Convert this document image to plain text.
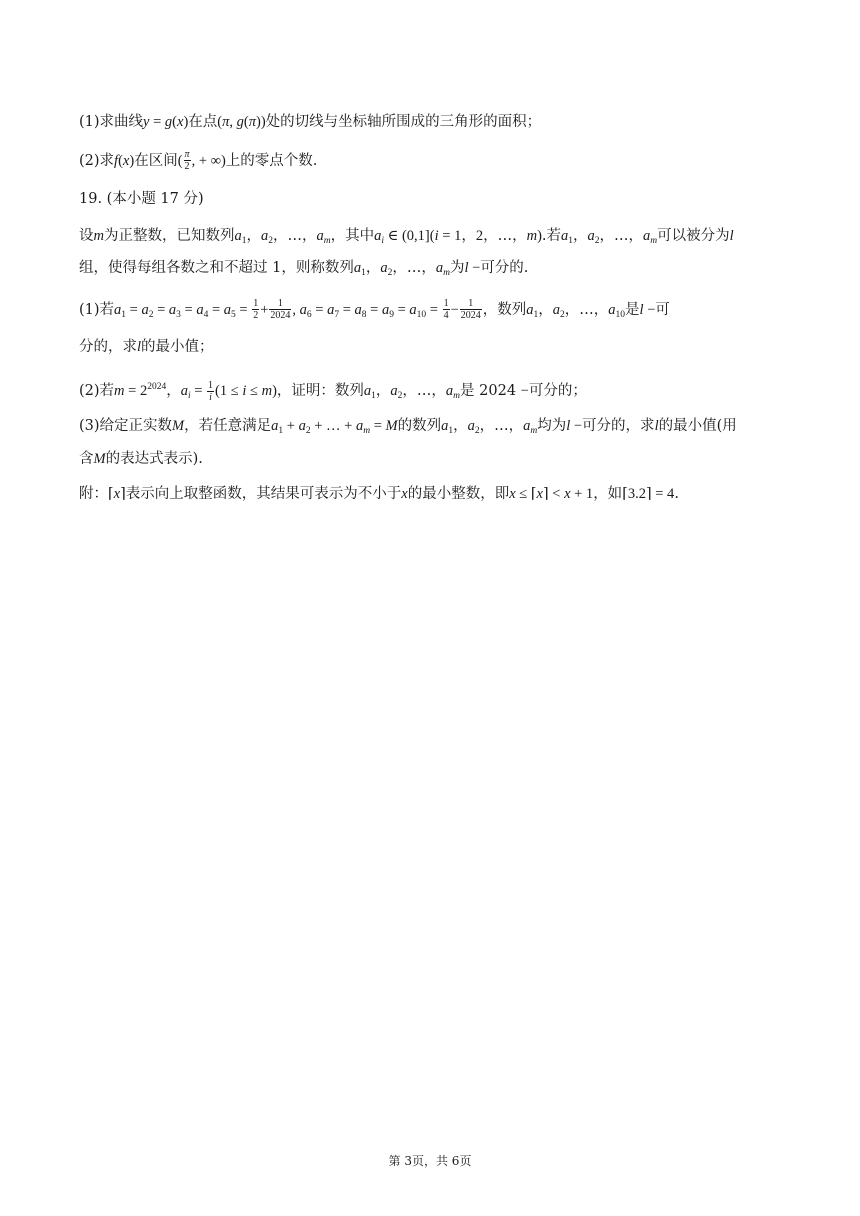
(1)求曲线y = g(x)在点(π, g(π))处的切线与坐标轴所围成的三角形的面积；
(2)求f(x)在区间( $\frac{\pi}{2}$ , + ∞)上的零点个数.
19. (本小题 17 分)
设m为正整数，已知数列$a_1$，$a_2$，…，$a_m$，其中$a_i$ ∈ (0,1](i = 1，2，…，m).若$a_1$，$a_2$，…，$a_m$可以被分为l
组，使得每组各数之和不超过 1，则称数列$a_1$，$a_2$，…，$a_m$为l −可分的.
(1)若$a_1 = a_2 = a_3 = a_4 = a_5 = \frac{1}{2} + \frac{1}{2024}$ , $a_6 = a_7 = a_8 = a_9 = a_{10} = \frac{1}{4} - \frac{1}{2024}$ ，数列$a_1$，$a_2$，…，$a_{10}$是l −可
分的，求l的最小值；
(2)若$m = 2^{2024}$，$a_i = \frac{1}{i} (1 \le i \le m)$，证明：数列$a_1$，$a_2$，…，$a_m$是 2024 −可分的；
(3)给定正实数M，若任意满足$a_1 + a_2$ + … + $a_m = M$的数列$a_1$，$a_2$，…，$a_m$均为l −可分的，求l的最小值(用
含M的表达式表示).
附：⌈x⌉表示向上取整函数，其结果可表示为不小于x的最小整数，即x ≤ ⌈x⌉ < x + 1，如⌈3.2⌉ = 4.
第 3页，共 6页
